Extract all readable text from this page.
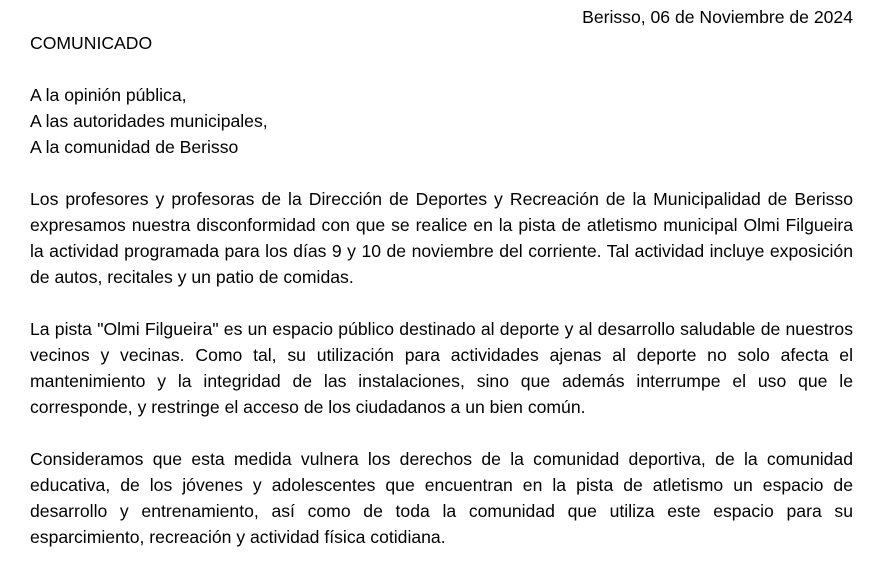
Berisso, 06 de Noviembre de 2024
COMUNICADO
A la opinión pública,
A las autoridades municipales,
A la comunidad de Berisso

Los profesores y profesoras de la Dirección de Deportes y Recreación de la Municipalidad de Berisso expresamos nuestra disconformidad con que se realice en la pista de atletismo municipal Olmi Filgueira la actividad programada para los días 9 y 10 de noviembre del corriente. Tal actividad incluye exposición de autos, recitales y un patio de comidas.

La pista "Olmi Filgueira" es un espacio público destinado al deporte y al desarrollo saludable de nuestros vecinos y vecinas. Como tal, su utilización para actividades ajenas al deporte no solo afecta el mantenimiento y la integridad de las instalaciones, sino que además interrumpe el uso que le corresponde, y restringe el acceso de los ciudadanos a un bien común.

Consideramos que esta medida vulnera los derechos de la comunidad deportiva, de la comunidad educativa, de los jóvenes y adolescentes que encuentran en la pista de atletismo un espacio de desarrollo y entrenamiento, así como de toda la comunidad que utiliza este espacio para su esparcimiento, recreación y actividad física cotidiana.
